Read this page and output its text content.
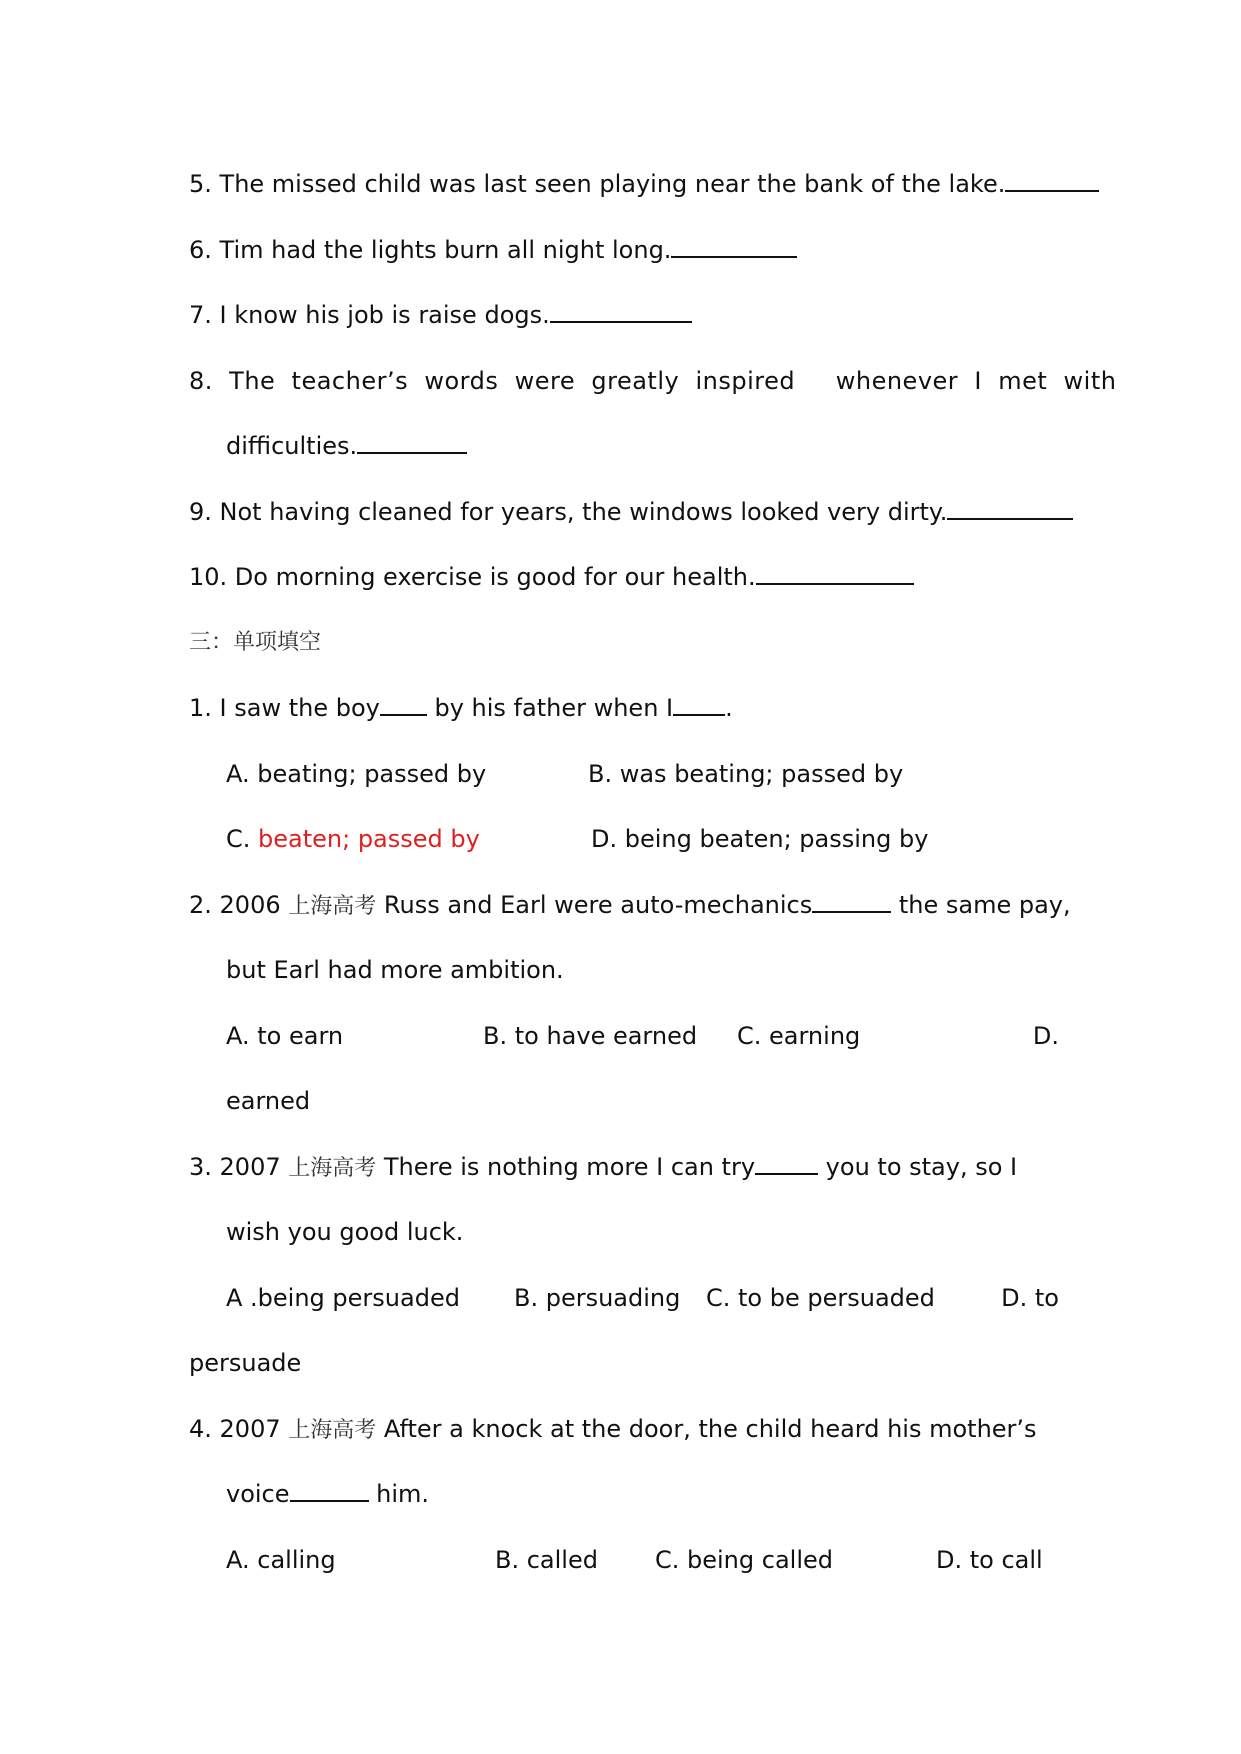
5. The missed child was last seen playing near the bank of the lake.

6. Tim had the lights burn all night long.

7. I know his job is raise dogs.

8.  The  teacher’s  words  were  greatly  inspired     whenever  I  met  with

difficulties.

9. Not having cleaned for years, the windows looked very dirty.

10. Do morning exercise is good for our health.

三：单项填空

1. I saw the boy by his father when I .

A. beating; passed by	B. was beating; passed by
C. beaten; passed by	D. being beaten; passing by

2. 2006 上海高考 Russ and Earl were auto-mechanics	the same pay,

but Earl had more ambition.

A. to earn	B. to have earned C. earning	D.

earned

3. 2007 上海高考 There is nothing more I can try	you to stay, so I

wish you good luck.

A .being persuaded B. persuading C. to be persuaded	D. to

persuade

4. 2007 上海高考 After a knock at the door, the child heard his mother’s

voice	him.

A. calling	B. called C. being called	D. to call
